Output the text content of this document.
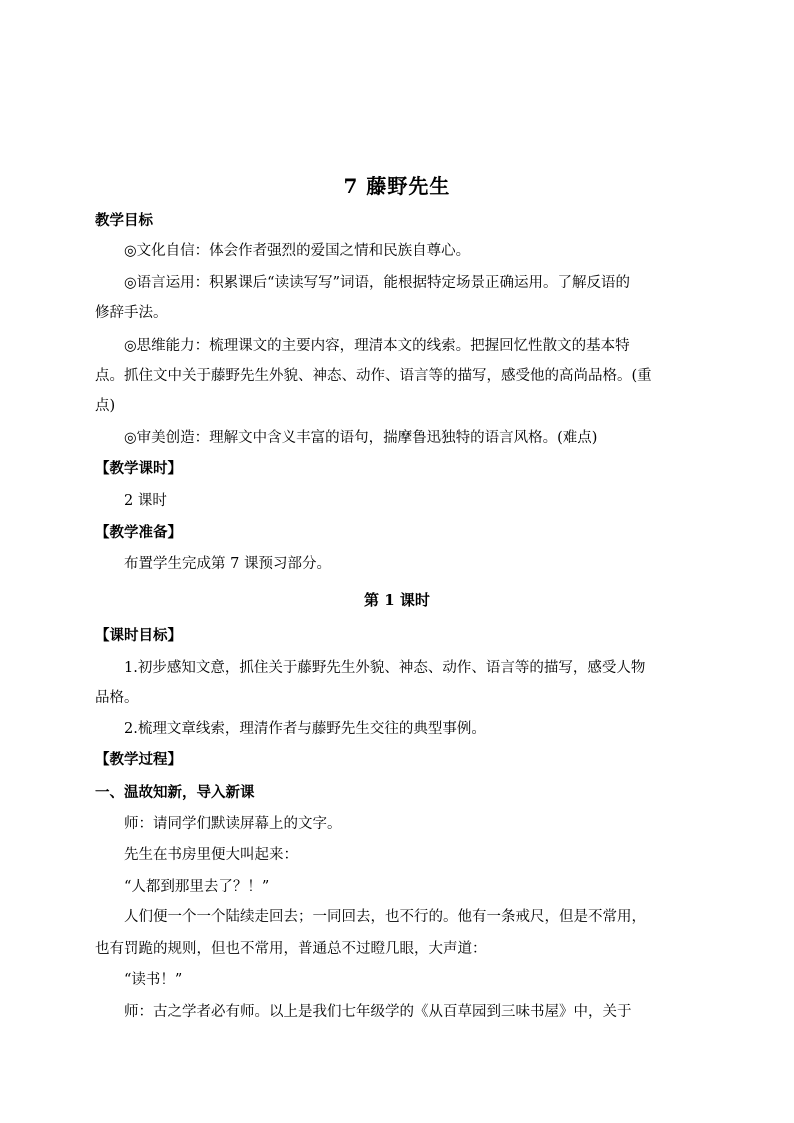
7 藤野先生
教学目标
◎文化自信：体会作者强烈的爱国之情和民族自尊心。
◎语言运用：积累课后“读读写写”词语，能根据特定场景正确运用。了解反语的
修辞手法。
◎思维能力：梳理课文的主要内容，理清本文的线索。把握回忆性散文的基本特
点。抓住文中关于藤野先生外貌、神态、动作、语言等的描写，感受他的高尚品格。(重
点)
◎审美创造：理解文中含义丰富的语句，揣摩鲁迅独特的语言风格。(难点)
【教学课时】
2 课时
【教学准备】
布置学生完成第 7 课预习部分。
第 1 课时
【课时目标】
1.初步感知文意，抓住关于藤野先生外貌、神态、动作、语言等的描写，感受人物
品格。
2.梳理文章线索，理清作者与藤野先生交往的典型事例。
【教学过程】
一、温故知新，导入新课
师：请同学们默读屏幕上的文字。
先生在书房里便大叫起来：
“人都到那里去了？！”
人们便一个一个陆续走回去；一同回去，也不行的。他有一条戒尺，但是不常用，
也有罚跪的规则，但也不常用，普通总不过瞪几眼，大声道：
“读书！”
师：古之学者必有师。以上是我们七年级学的《从百草园到三味书屋》中，关于
